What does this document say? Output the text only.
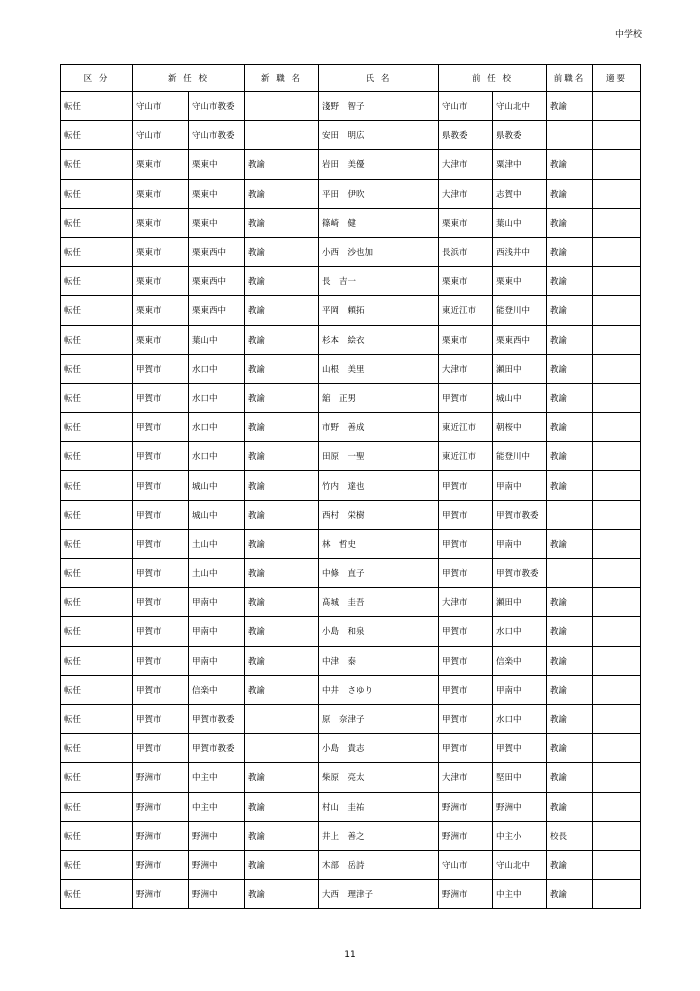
中学校
区 分	新 任 校		新 職 名	氏 名	前 任 校		前職名	適要
転任	守山市	守山市教委		淺野　智子	守山市	守山北中	教諭	
転任	守山市	守山市教委		安田　明広	県教委	県教委		
転任	栗東市	栗東中	教諭	岩田　美優	大津市	粟津中	教諭	
転任	栗東市	栗東中	教諭	平田　伊吹	大津市	志賀中	教諭	
転任	栗東市	栗東中	教諭	篠崎　健	栗東市	葉山中	教諭	
転任	栗東市	栗東西中	教諭	小西　沙也加	長浜市	西浅井中	教諭	
転任	栗東市	栗東西中	教諭	長　吉一	栗東市	栗東中	教諭	
転任	栗東市	栗東西中	教諭	平岡　頼拓	東近江市	能登川中	教諭	
転任	栗東市	葉山中	教諭	杉本　絵衣	栗東市	栗東西中	教諭	
転任	甲賀市	水口中	教諭	山根　美里	大津市	瀬田中	教諭	
転任	甲賀市	水口中	教諭	舘　正男	甲賀市	城山中	教諭	
転任	甲賀市	水口中	教諭	市野　善成	東近江市	朝桜中	教諭	
転任	甲賀市	水口中	教諭	田原　一聖	東近江市	能登川中	教諭	
転任	甲賀市	城山中	教諭	竹内　達也	甲賀市	甲南中	教諭	
転任	甲賀市	城山中	教諭	西村　栄樹	甲賀市	甲賀市教委		
転任	甲賀市	土山中	教諭	林　哲史	甲賀市	甲南中	教諭	
転任	甲賀市	土山中	教諭	中條　直子	甲賀市	甲賀市教委		
転任	甲賀市	甲南中	教諭	髙城　圭吾	大津市	瀬田中	教諭	
転任	甲賀市	甲南中	教諭	小島　和泉	甲賀市	水口中	教諭	
転任	甲賀市	甲南中	教諭	中津　泰	甲賀市	信楽中	教諭	
転任	甲賀市	信楽中	教諭	中井　さゆり	甲賀市	甲南中	教諭	
転任	甲賀市	甲賀市教委		原　奈津子	甲賀市	水口中	教諭	
転任	甲賀市	甲賀市教委		小島　貴志	甲賀市	甲賀中	教諭	
転任	野洲市	中主中	教諭	柴原　亮太	大津市	堅田中	教諭	
転任	野洲市	中主中	教諭	村山　圭祐	野洲市	野洲中	教諭	
転任	野洲市	野洲中	教諭	井上　善之	野洲市	中主小	校長	
転任	野洲市	野洲中	教諭	木部　岳詩	守山市	守山北中	教諭	
転任	野洲市	野洲中	教諭	大西　理津子	野洲市	中主中	教諭	
11
